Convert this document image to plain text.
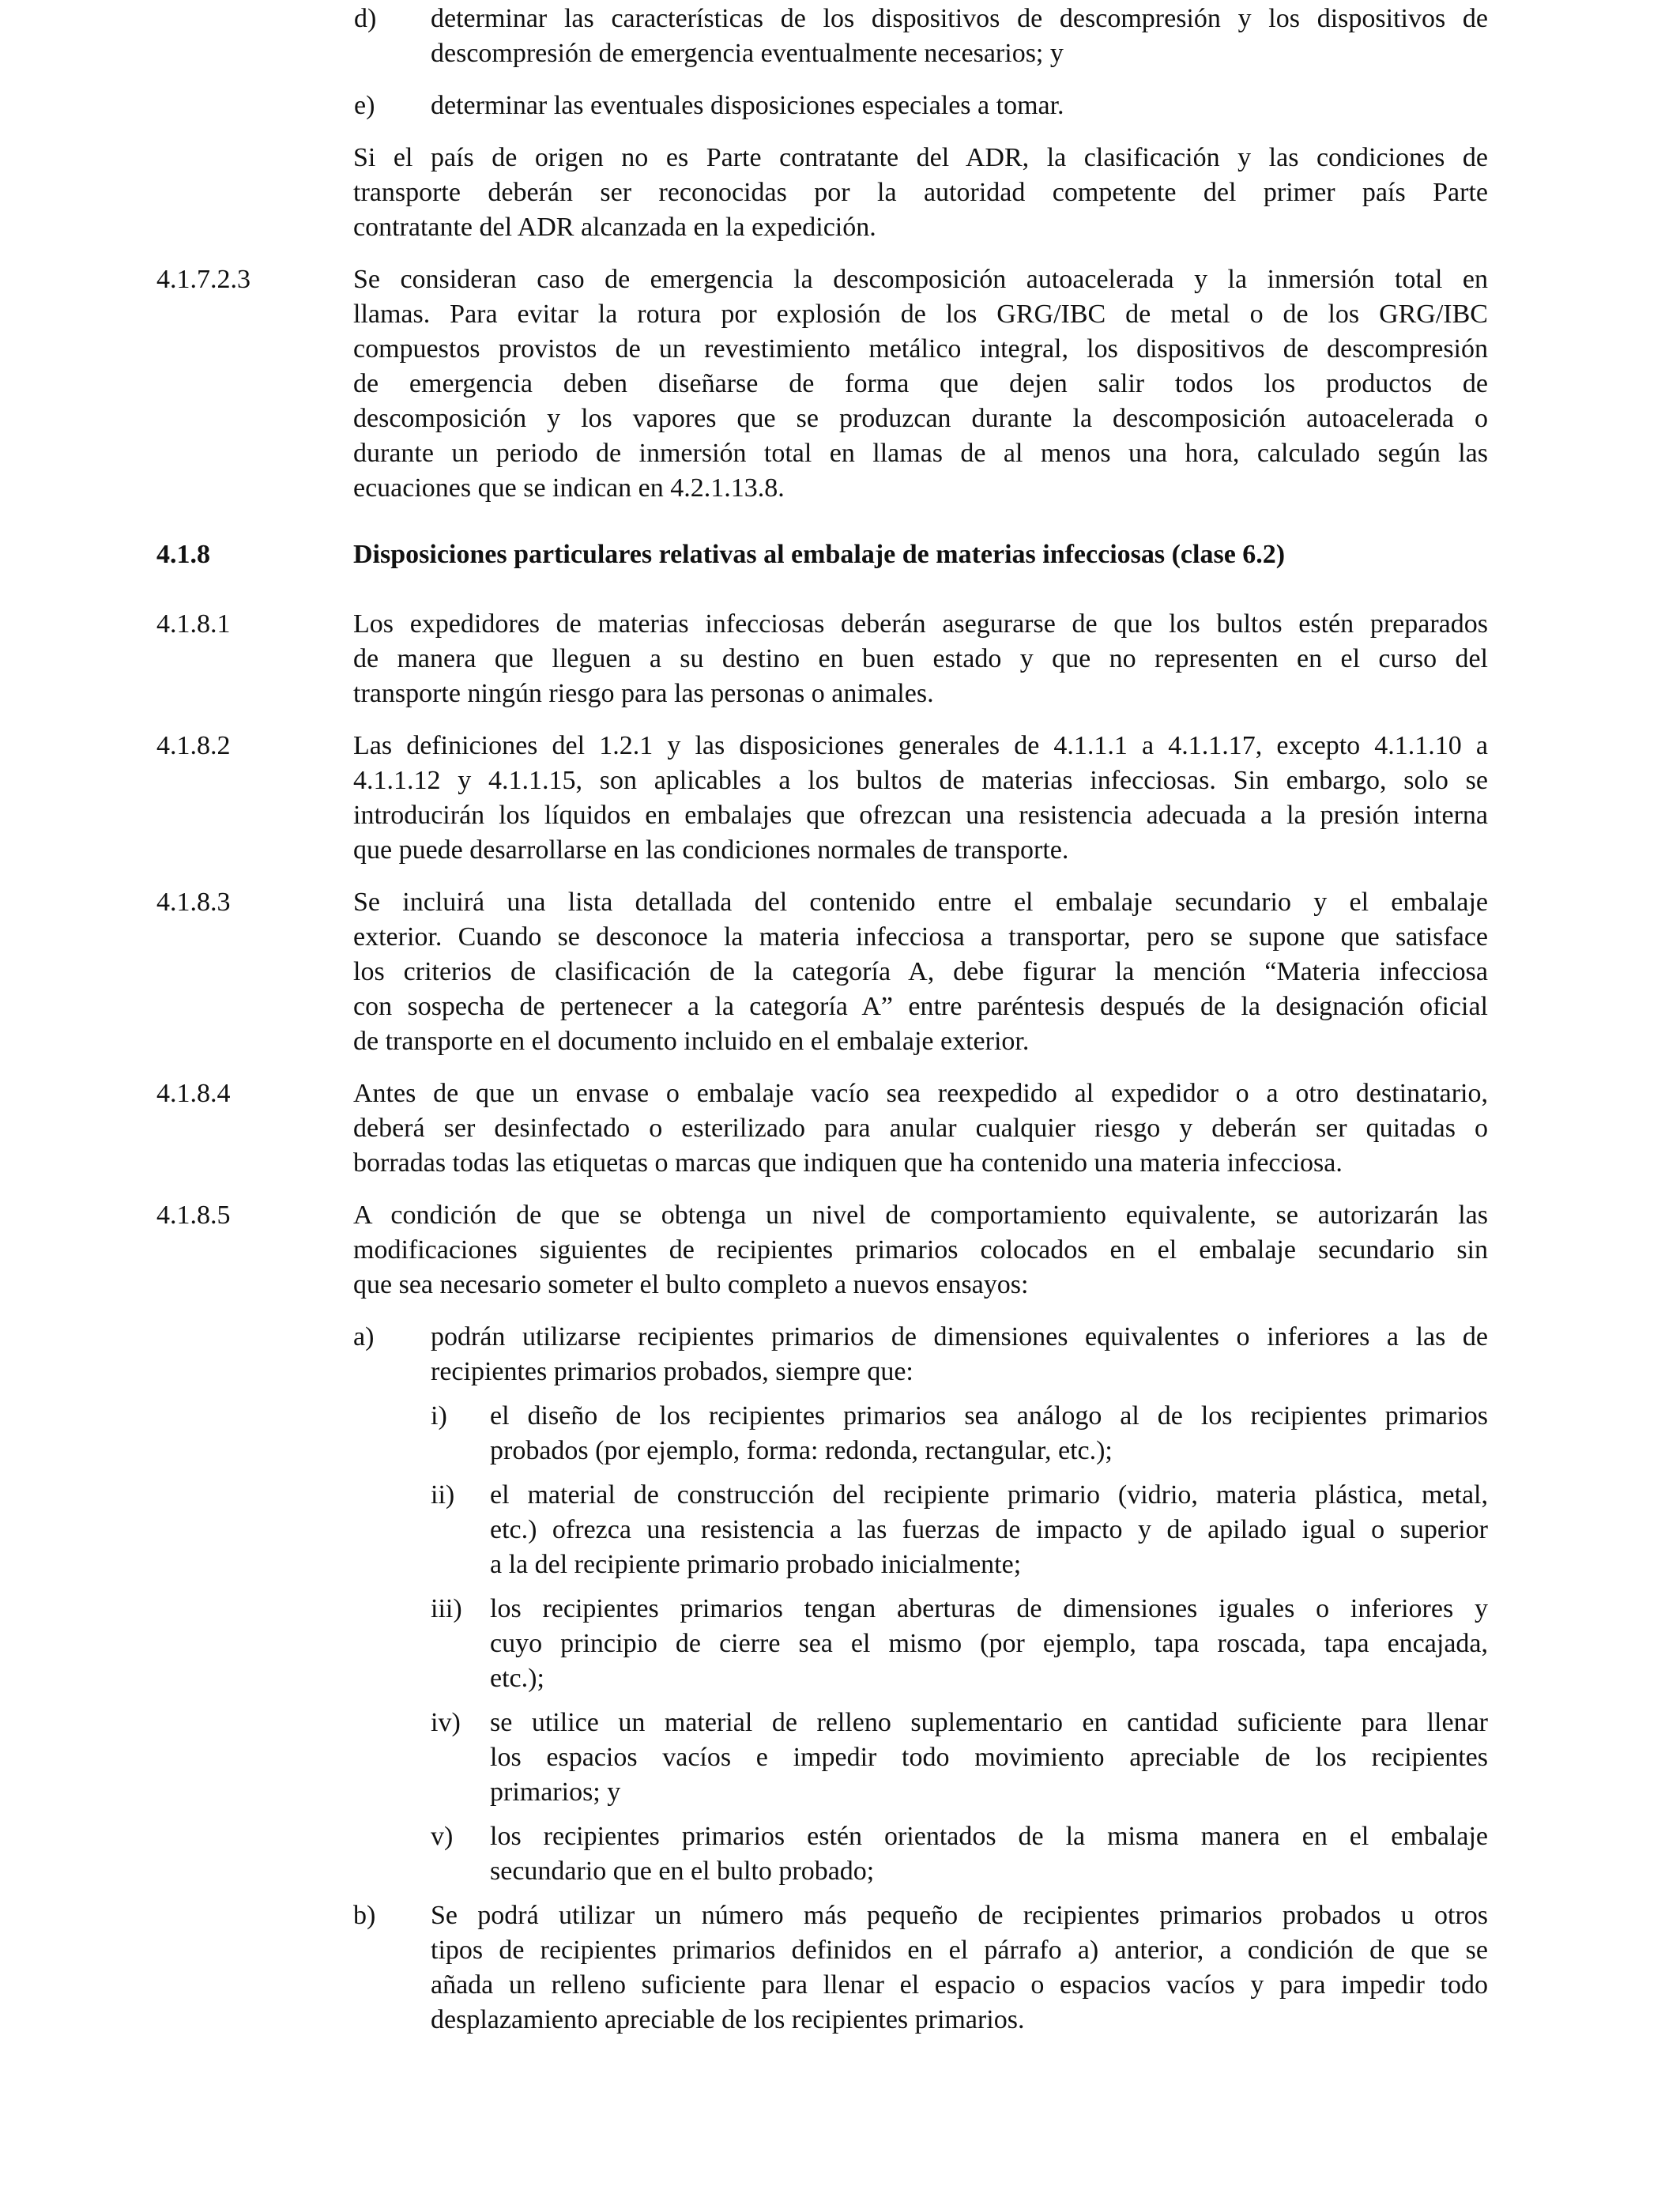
d) determinar las características de los dispositivos de descompresión y los dispositivos de
descompresión de emergencia eventualmente necesarios; y
e) determinar las eventuales disposiciones especiales a tomar.
Si el país de origen no es Parte contratante del ADR, la clasificación y las condiciones de
transporte deberán ser reconocidas por la autoridad competente del primer país Parte
contratante del ADR alcanzada en la expedición.
4.1.7.2.3	Se consideran caso de emergencia la descomposición autoacelerada y la inmersión total en
llamas. Para evitar la rotura por explosión de los GRG/IBC de metal o de los GRG/IBC
compuestos provistos de un revestimiento metálico integral, los dispositivos de descompresión
de emergencia deben diseñarse de forma que dejen salir todos los productos de
descomposición y los vapores que se produzcan durante la descomposición autoacelerada o
durante un periodo de inmersión total en llamas de al menos una hora, calculado según las
ecuaciones que se indican en 4.2.1.13.8.
4.1.8	Disposiciones particulares relativas al embalaje de materias infecciosas (clase 6.2)
4.1.8.1	Los expedidores de materias infecciosas deberán asegurarse de que los bultos estén preparados
de manera que lleguen a su destino en buen estado y que no representen en el curso del
transporte ningún riesgo para las personas o animales.
4.1.8.2	Las definiciones del 1.2.1 y las disposiciones generales de 4.1.1.1 a 4.1.1.17, excepto 4.1.1.10 a
4.1.1.12 y 4.1.1.15, son aplicables a los bultos de materias infecciosas. Sin embargo, solo se
introducirán los líquidos en embalajes que ofrezcan una resistencia adecuada a la presión interna
que puede desarrollarse en las condiciones normales de transporte.
4.1.8.3	Se incluirá una lista detallada del contenido entre el embalaje secundario y el embalaje
exterior. Cuando se desconoce la materia infecciosa a transportar, pero se supone que satisface
los criterios de clasificación de la categoría A, debe figurar la mención “Materia infecciosa
con sospecha de pertenecer a la categoría A” entre paréntesis después de la designación oficial
de transporte en el documento incluido en el embalaje exterior.
4.1.8.4	Antes de que un envase o embalaje vacío sea reexpedido al expedidor o a otro destinatario,
deberá ser desinfectado o esterilizado para anular cualquier riesgo y deberán ser quitadas o
borradas todas las etiquetas o marcas que indiquen que ha contenido una materia infecciosa.
4.1.8.5	A condición de que se obtenga un nivel de comportamiento equivalente, se autorizarán las
modificaciones siguientes de recipientes primarios colocados en el embalaje secundario sin
que sea necesario someter el bulto completo a nuevos ensayos:
a) podrán utilizarse recipientes primarios de dimensiones equivalentes o inferiores a las de
recipientes primarios probados, siempre que:
i) el diseño de los recipientes primarios sea análogo al de los recipientes primarios
probados (por ejemplo, forma: redonda, rectangular, etc.);
ii) el material de construcción del recipiente primario (vidrio, materia plástica, metal,
etc.) ofrezca una resistencia a las fuerzas de impacto y de apilado igual o superior
a la del recipiente primario probado inicialmente;
iii) los recipientes primarios tengan aberturas de dimensiones iguales o inferiores y
cuyo principio de cierre sea el mismo (por ejemplo, tapa roscada, tapa encajada,
etc.);
iv) se utilice un material de relleno suplementario en cantidad suficiente para llenar
los espacios vacíos e impedir todo movimiento apreciable de los recipientes
primarios; y
v) los recipientes primarios estén orientados de la misma manera en el embalaje
secundario que en el bulto probado;
b) Se podrá utilizar un número más pequeño de recipientes primarios probados u otros
tipos de recipientes primarios definidos en el párrafo a) anterior, a condición de que se
añada un relleno suficiente para llenar el espacio o espacios vacíos y para impedir todo
desplazamiento apreciable de los recipientes primarios.
